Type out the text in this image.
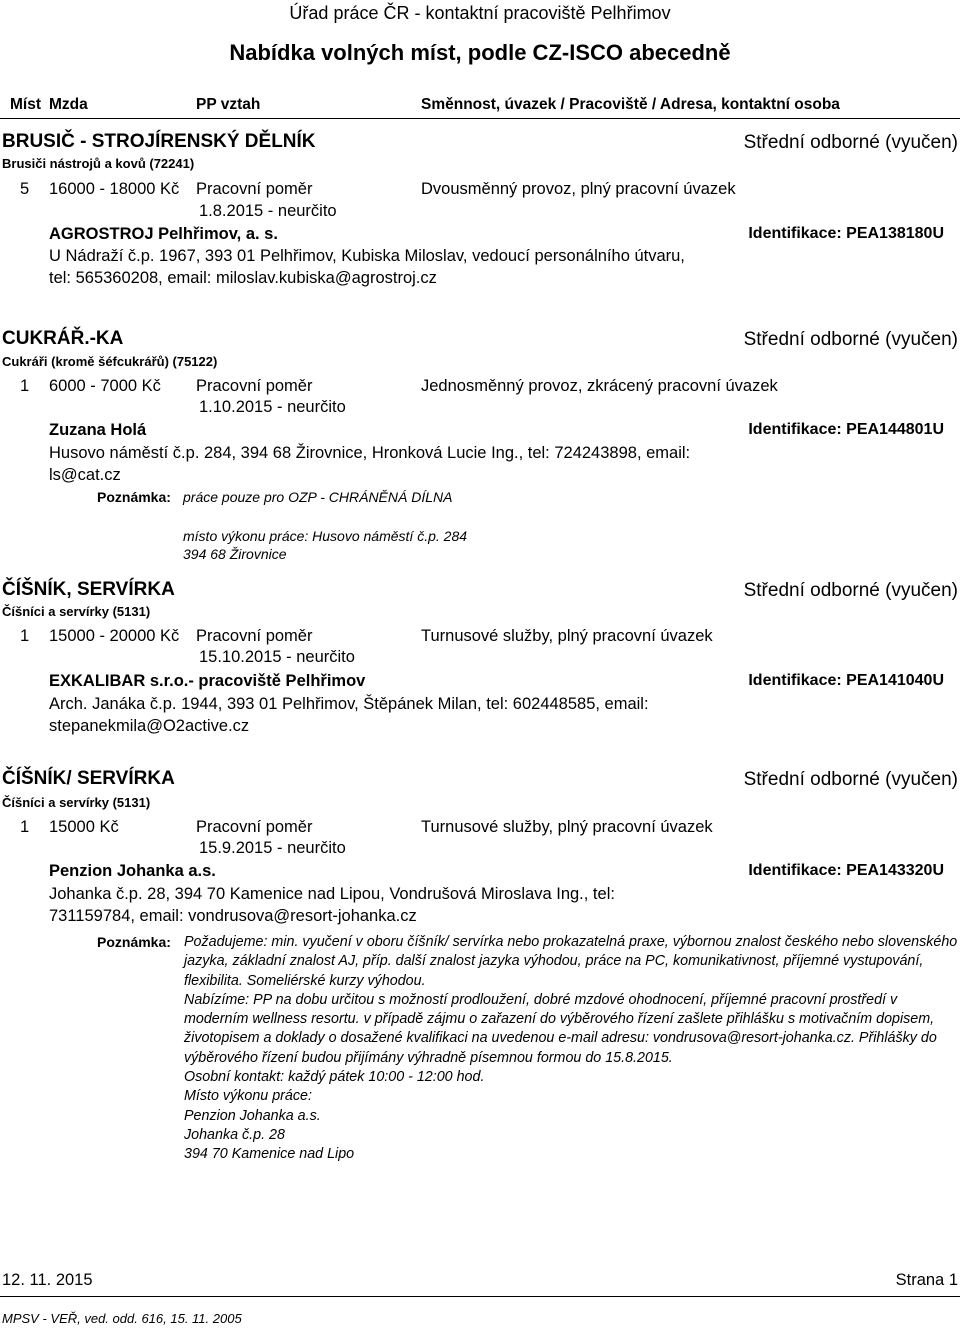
Úřad práce ČR - kontaktní pracoviště Pelhřimov
Nabídka volných míst, podle CZ-ISCO abecedně
Míst Mzda	PP vztah	Směnnost, úvazek / Pracoviště / Adresa, kontaktní osoba
BRUSIČ - STROJÍRENSKÝ DĚLNÍK	Střední odborné (vyučen)
Brusiči nástrojů a kovů (72241)
5 16000 - 18000 Kč Pracovní poměr	Dvousměnný provoz, plný pracovní úvazek
1.8.2015 - neurčito
AGROSTROJ Pelhřimov, a. s.	Identifikace: PEA138180U
U Nádraží č.p. 1967, 393 01 Pelhřimov, Kubiska Miloslav, vedoucí personálního útvaru, tel: 565360208, email: miloslav.kubiska@agrostroj.cz
CUKRÁŘ.-KA	Střední odborné (vyučen)
Cukráři (kromě šéfcukrářů) (75122)
1 6000 - 7000 Kč Pracovní poměr	Jednosměnný provoz, zkrácený pracovní úvazek
1.10.2015 - neurčito
Zuzana Holá	Identifikace: PEA144801U
Husovo náměstí č.p. 284, 394 68 Žirovnice, Hronková Lucie Ing., tel: 724243898, email: ls@cat.cz
Poznámka: práce pouze pro OZP - CHRÁNĚNÁ DÍLNA
místo výkonu práce: Husovo náměstí č.p. 284
394 68 Žirovnice
ČÍŠNÍK, SERVÍRKA	Střední odborné (vyučen)
Číšníci a servírky (5131)
1 15000 - 20000 Kč Pracovní poměr	Turnusové služby, plný pracovní úvazek
15.10.2015 - neurčito
EXKALIBAR s.r.o.- pracoviště Pelhřimov	Identifikace: PEA141040U
Arch. Janáka č.p. 1944, 393 01 Pelhřimov, Štěpánek Milan, tel: 602448585, email: stepanekmila@O2active.cz
ČÍŠNÍK/ SERVÍRKA	Střední odborné (vyučen)
Číšníci a servírky (5131)
1 15000 Kč	Pracovní poměr	Turnusové služby, plný pracovní úvazek
15.9.2015 - neurčito
Penzion Johanka a.s.	Identifikace: PEA143320U
Johanka č.p. 28, 394 70 Kamenice nad Lipou, Vondrušová Miroslava Ing., tel: 731159784, email: vondrusova@resort-johanka.cz
Poznámka: Požadujeme: min. vyučení v oboru číšník/ servírka nebo prokazatelná praxe, výbornou znalost českého nebo slovenského jazyka, základní znalost AJ, příp. další znalost jazyka výhodou, práce na PC, komunikativnost, příjemné vystupování, flexibilita. Someliérské kurzy výhodou.

Nabízíme: PP na dobu určitou s možností prodloužení, dobré mzdové ohodnocení, příjemné pracovní prostředí v moderním wellness resortu. v případě zájmu o zařazení do výběrového řízení zašlete přihlášku s motivačním dopisem, životopisem a doklady o dosažené kvalifikaci na uvedenou e-mail adresu: vondrusova@resort-johanka.cz. Přihlášky do výběrového řízení budou přijímány výhradně písemnou formou do 15.8.2015.

Osobní kontakt: každý pátek 10:00 - 12:00 hod.

Místo výkonu práce:

Penzion Johanka a.s.

Johanka č.p. 28

394 70 Kamenice nad Lipo

12. 11. 2015	Strana 1
MPSV - VEŘ, ved. odd. 616, 15. 11. 2005
